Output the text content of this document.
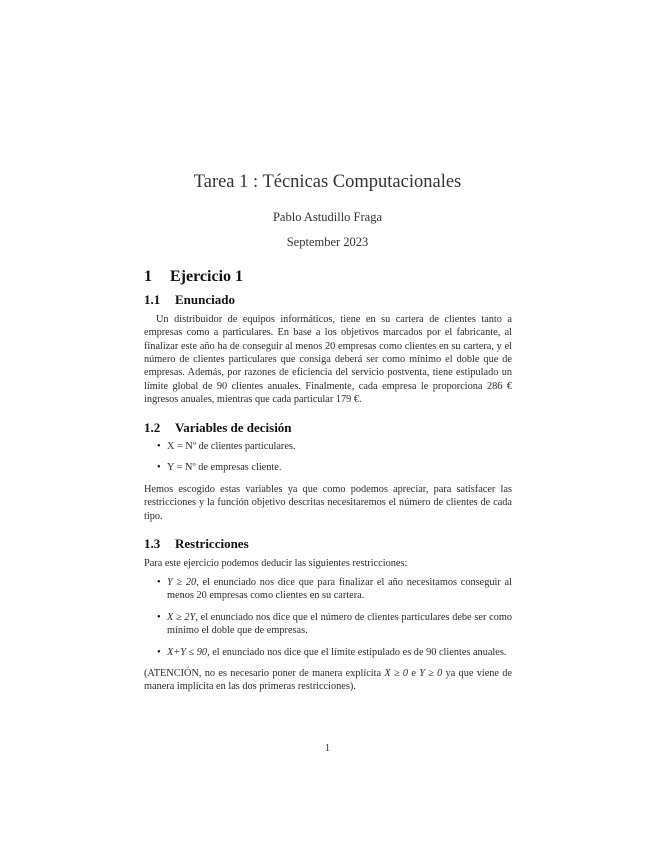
Tarea 1 : Técnicas Computacionales
Pablo Astudillo Fraga
September 2023
1 Ejercicio 1
1.1 Enunciado

Un distribuidor de equipos informáticos, tiene en su cartera de clientes tanto a empresas como a particulares. En base a los objetivos marcados por el fabricante, al finalizar este año ha de conseguir al menos 20 empresas como clientes en su cartera, y el número de clientes particulares que consiga deberá ser como mínimo el doble que de empresas. Además, por razones de eficiencia del servicio postventa, tiene estipulado un límite global de 90 clientes anuales. Finalmente, cada empresa le proporciona 286 € ingresos anuales, mientras que cada particular 179 €.

1.2 Variables de decisión
• X = Nº de clientes particulares.
• Y = Nº de empresas cliente.

Hemos escogido estas variables ya que como podemos apreciar, para satisfacer las restricciones y la función objetivo descritas necesitaremos el número de clientes de cada tipo.

1.3 Restricciones

Para este ejercicio podemos deducir las siguientes restricciones:

• Y ≥ 20, el enunciado nos dice que para finalizar el año necesitamos conseguir al menos 20 empresas como clientes en su cartera.
• X ≥ 2Y, el enunciado nos dice que el número de clientes particulares debe ser como mínimo el doble que de empresas.
• X+Y ≤ 90, el enunciado nos dice que el límite estipulado es de 90 clientes anuales.

(ATENCIÓN, no es necesario poner de manera explícita X ≥ 0 e Y ≥ 0 ya que viene de manera implícita en las dos primeras restricciones).

1
